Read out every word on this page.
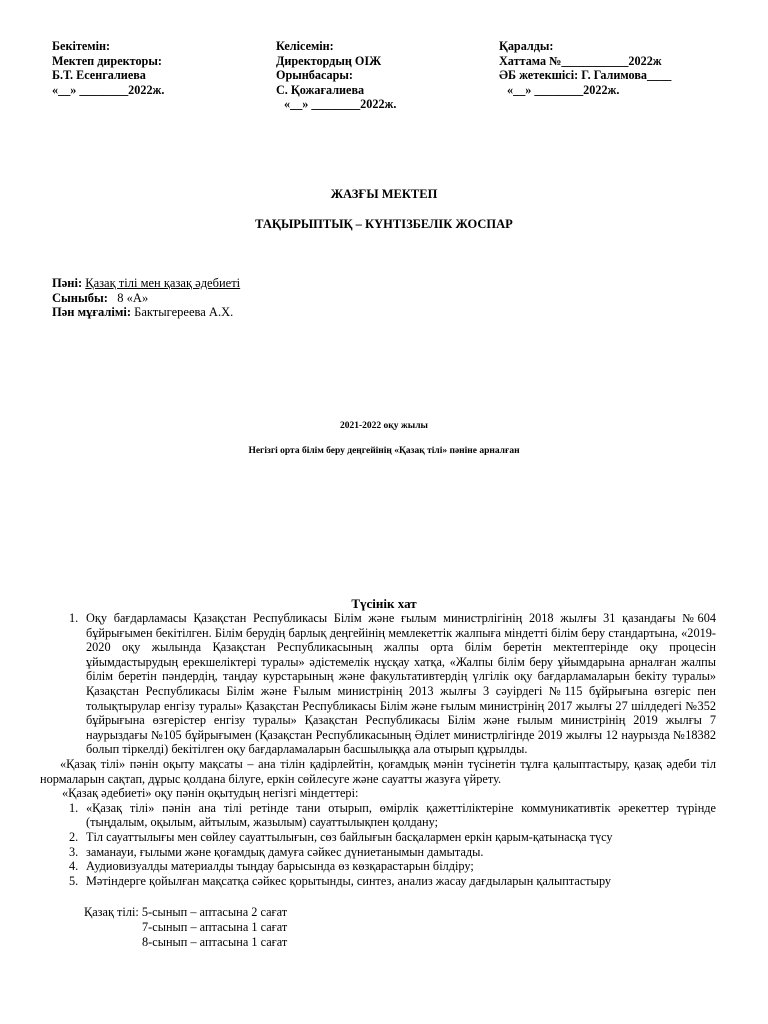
Бекітемін:
Мектеп директоры:
Б.Т. Есенгалиева
«__» ________2022ж.
Келісемін:
Директордың ОІЖ
Орынбасары:
С. Қожағалиева
«__» ________2022ж.
Қаралды:
Хаттама №___________2022ж
ӘБ жетекшісі: Г. Галимова____
«__» ________2022ж.
ЖАЗҒЫ МЕКТЕП
ТАҚЫРЫПТЫҚ – КҮНТІЗБЕЛІК ЖОСПАР
Пәні: Қазақ тілі мен қазақ әдебиеті
Сыныбы: 8 «А»
Пән мұғалімі: Бактыгереева А.Х.
2021-2022 оқу жылы
Негізгі орта білім беру деңгейінің «Қазақ тілі» пәніне арналған
Түсінік хат
1. Оқу бағдарламасы Қазақстан Республикасы Білім және ғылым министрлігінің 2018 жылғы 31 қазандағы №604 бұйрығымен бекітілген. Білім берудің барлық деңгейінің мемлекеттік жалпыға міндетті білім беру стандартына, «2019-2020 оқу жылында Қазақстан Республикасының жалпы орта білім беретін мектептерінде оқу процесін ұйымдастырудың ерекшеліктері туралы» әдістемелік нұсқау хатқа, «Жалпы білім беру ұйымдарына арналған жалпы білім беретін пәндердің, таңдау курстарының және факультативтердің үлгілік оқу бағдарламаларын бекіту туралы» Қазақстан Республикасы Білім және Ғылым министрінің 2013 жылғы 3 сәуірдегі №115 бұйрығына өзгеріс пен толықтырулар енгізу туралы» Қазақстан Республикасы Білім және ғылым министрінің 2017 жылғы 27 шілдедегі №352 бұйрығына өзгерістер енгізу туралы» Қазақстан Республикасы Білім және ғылым министрінің 2019 жылғы 7 наурыздағы №105 бұйрығымен (Қазақстан Республикасының Әділет министрлігінде 2019 жылғы 12 наурызда №18382 болып тіркелді) бекітілген оқу бағдарламаларын басшылыққа ала отырып құрылды.
«Қазақ тілі» пәнін оқыту мақсаты – ана тілін қадірлейтін, қоғамдық мәнін түсінетін тұлға қалыптастыру, қазақ әдеби тіл нормаларын сақтап, дұрыс қолдана білуге, еркін сөйлесуге және сауатты жазуға үйрету.
«Қазақ әдебиеті» оқу пәнін оқытудың негізгі міндеттері:
1. «Қазақ тілі» пәнін ана тілі ретінде тани отырып, өмірлік қажеттіліктеріне коммуникативтік әрекеттер түрінде (тыңдалым, оқылым, айтылым, жазылым) сауаттылықпен қолдану;
2. Тіл сауаттылығы мен сөйлеу сауаттылығын, сөз байлығын басқалармен еркін қарым-қатынасқа түсу
3. заманауи, ғылыми және қоғамдық дамуға сәйкес дүниетанымын дамытады.
4. Аудиовизуалды материалды тыңдау барысында өз көзқарастарын білдіру;
5. Мәтіндерге қойылған мақсатқа сәйкес қорытынды, синтез, анализ жасау дағдыларын қалыптастыру
Қазақ тілі: 5-сынып – аптасына 2 сағат
7-сынып – аптасына 1 сағат
8-сынып – аптасына 1 сағат
